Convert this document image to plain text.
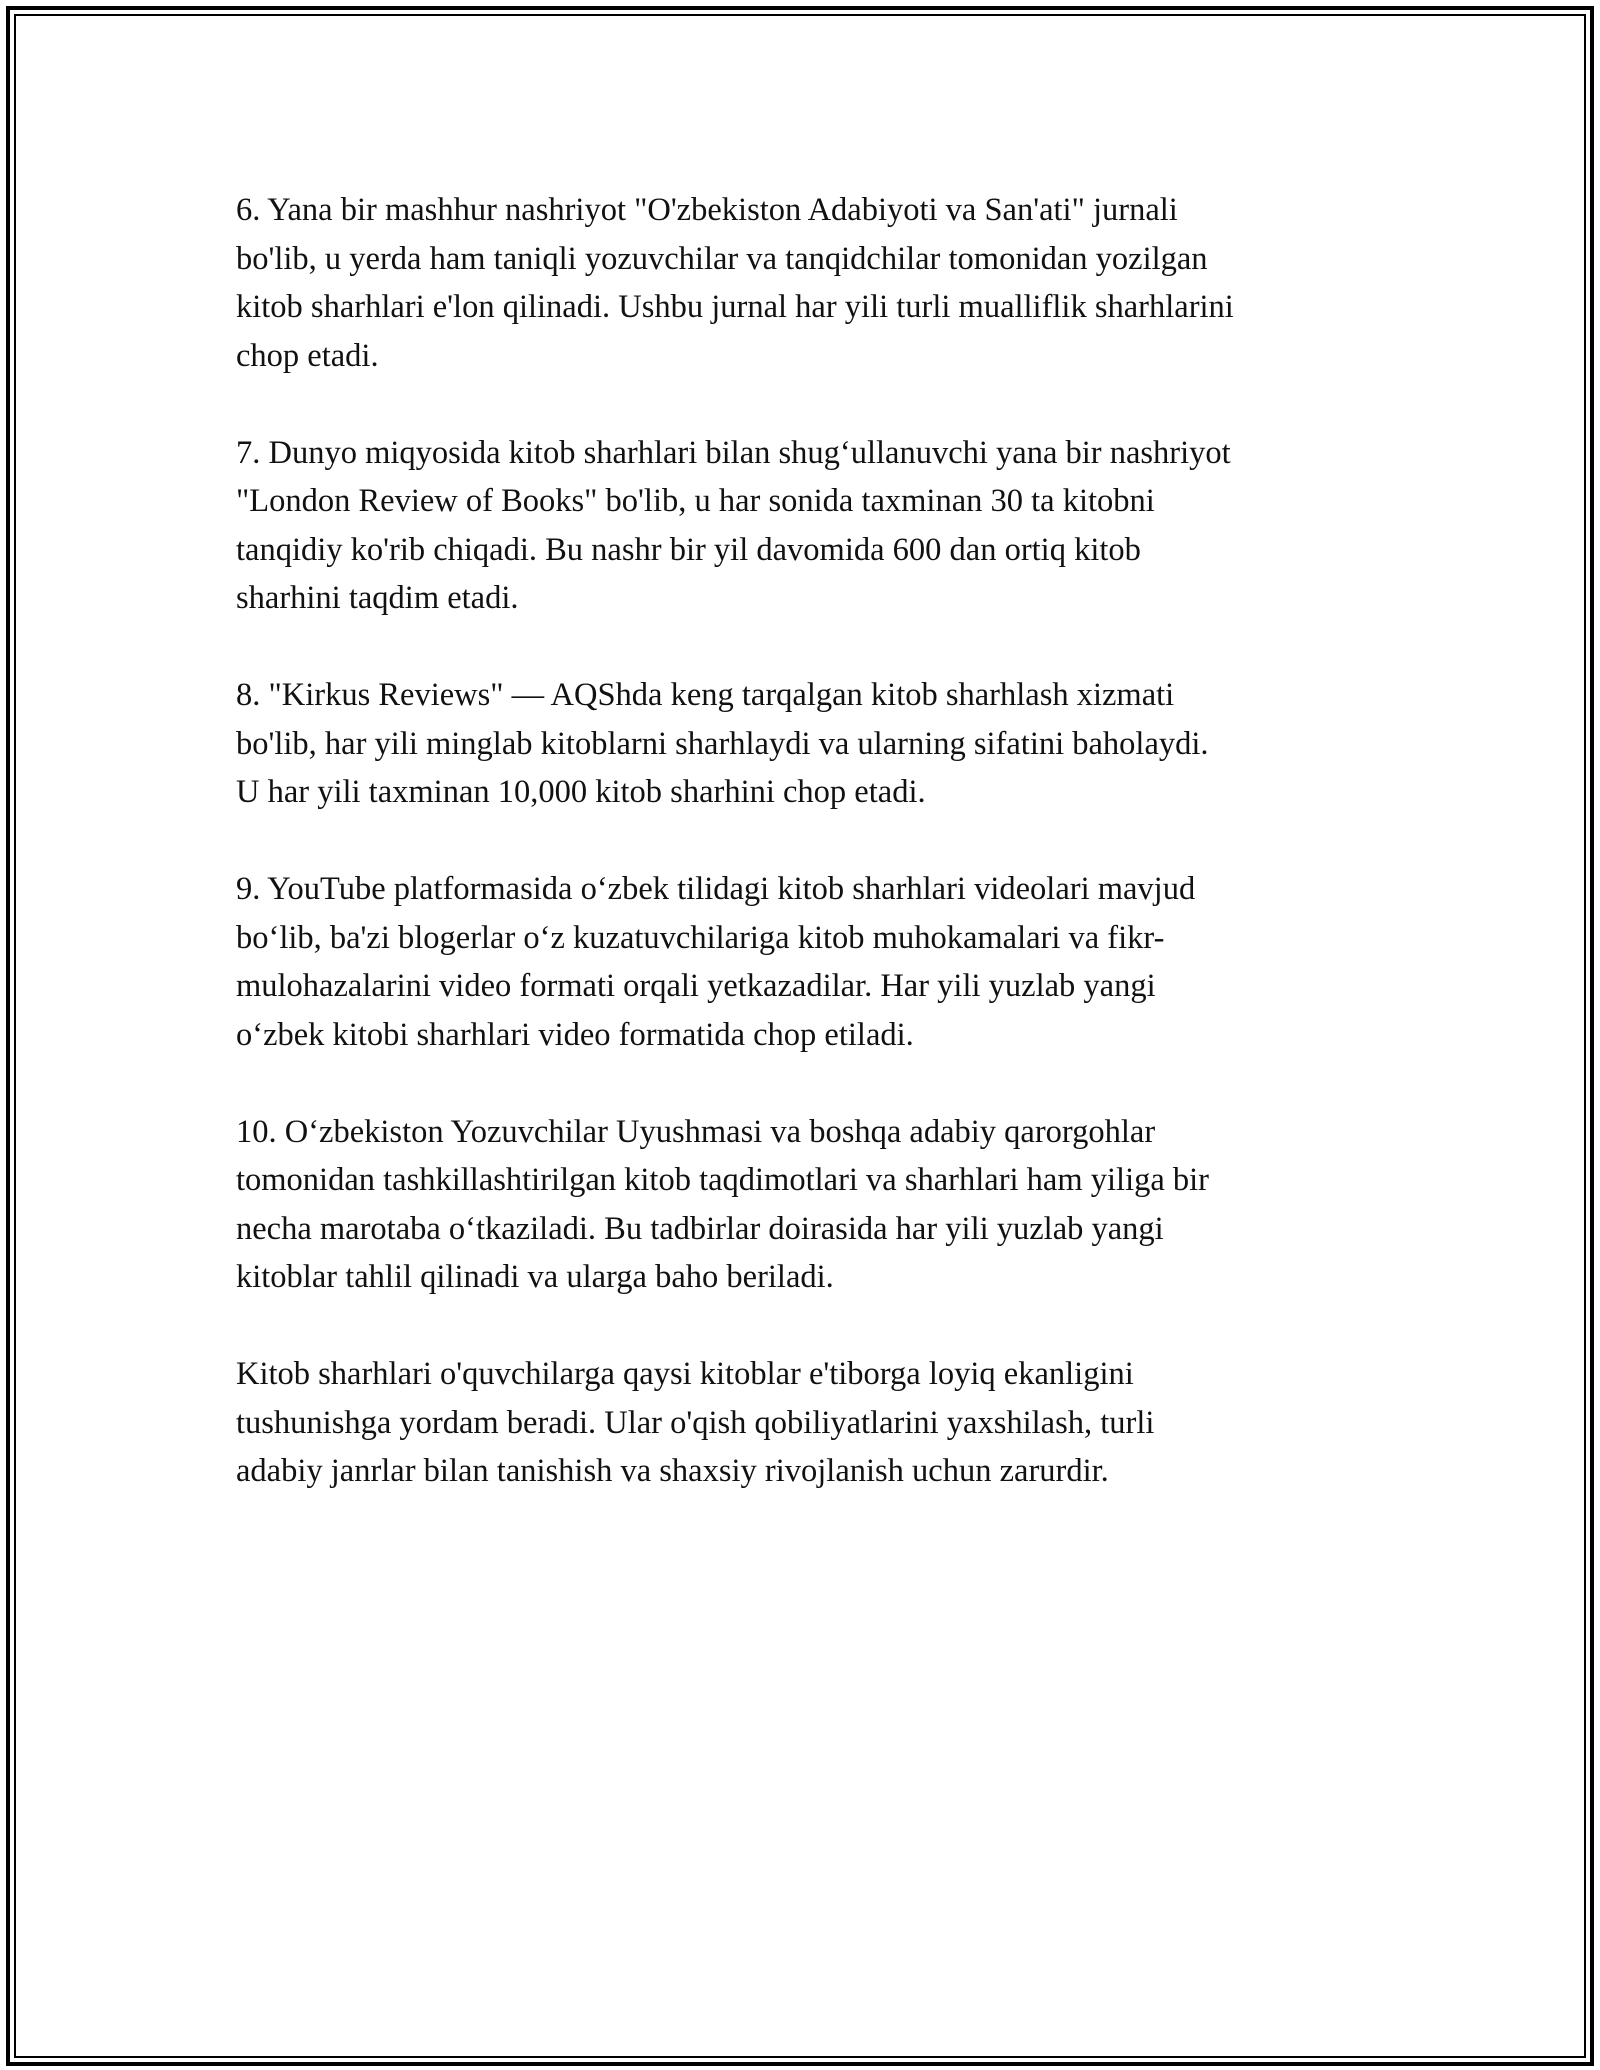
6. Yana bir mashhur nashriyot "O'zbekiston Adabiyoti va San'ati" jurnali
bo'lib, u yerda ham taniqli yozuvchilar va tanqidchilar tomonidan yozilgan
kitob sharhlari e'lon qilinadi. Ushbu jurnal har yili turli mualliflik sharhlarini
chop etadi.

7. Dunyo miqyosida kitob sharhlari bilan shug‘ullanuvchi yana bir nashriyot
"London Review of Books" bo'lib, u har sonida taxminan 30 ta kitobni
tanqidiy ko'rib chiqadi. Bu nashr bir yil davomida 600 dan ortiq kitob
sharhini taqdim etadi.

8. "Kirkus Reviews" — AQShda keng tarqalgan kitob sharhlash xizmati
bo'lib, har yili minglab kitoblarni sharhlaydi va ularning sifatini baholaydi.
U har yili taxminan 10,000 kitob sharhini chop etadi.

9. YouTube platformasida o‘zbek tilidagi kitob sharhlari videolari mavjud
bo‘lib, ba'zi blogerlar o‘z kuzatuvchilariga kitob muhokamalari va fikr-
mulohazalarini video formati orqali yetkazadilar. Har yili yuzlab yangi
o‘zbek kitobi sharhlari video formatida chop etiladi.

10. O‘zbekiston Yozuvchilar Uyushmasi va boshqa adabiy qarorgohlar
tomonidan tashkillashtirilgan kitob taqdimotlari va sharhlari ham yiliga bir
necha marotaba o‘tkaziladi. Bu tadbirlar doirasida har yili yuzlab yangi
kitoblar tahlil qilinadi va ularga baho beriladi.

Kitob sharhlari o'quvchilarga qaysi kitoblar e'tiborga loyiq ekanligini
tushunishga yordam beradi. Ular o'qish qobiliyatlarini yaxshilash, turli
adabiy janrlar bilan tanishish va shaxsiy rivojlanish uchun zarurdir.
